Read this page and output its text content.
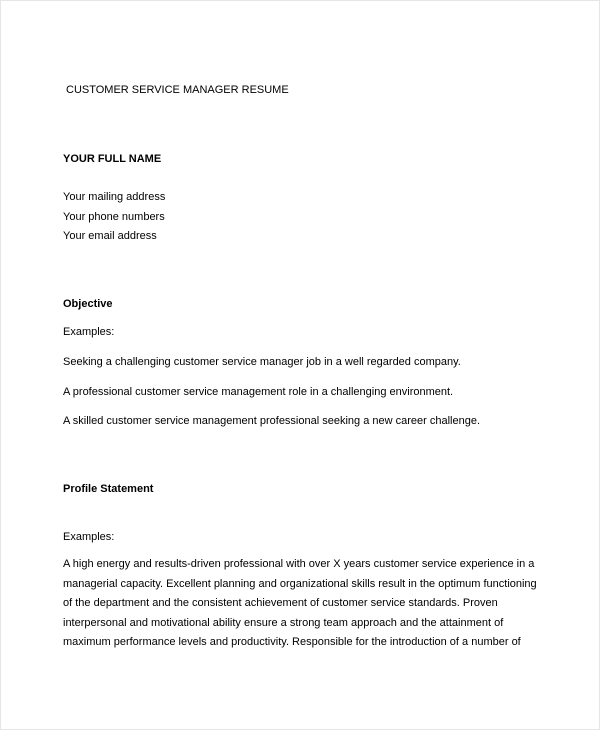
CUSTOMER SERVICE MANAGER RESUME
YOUR FULL NAME
Your mailing address
Your phone numbers
Your email address
Objective
Examples:
Seeking a challenging customer service manager job in a well regarded company.
A professional customer service management role in a challenging environment.
A skilled customer service management professional seeking a new career challenge.
Profile Statement
Examples:
A high energy and results-driven professional with over X years customer service experience in a
managerial capacity. Excellent planning and organizational skills result in the optimum functioning
of the department and the consistent achievement of customer service standards. Proven
interpersonal and motivational ability ensure a strong team approach and the attainment of
maximum performance levels and productivity. Responsible for the introduction of a number of
